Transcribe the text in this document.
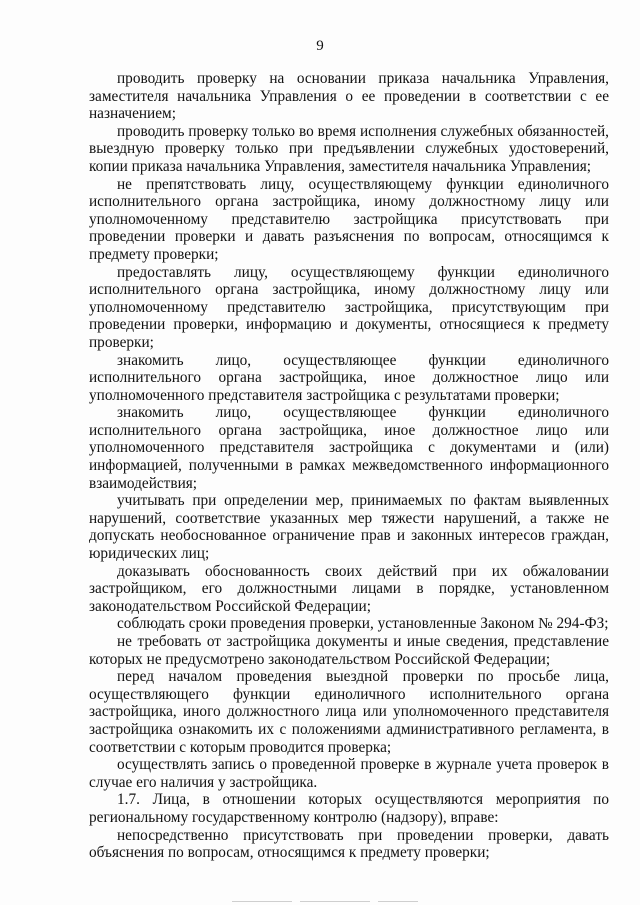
9

проводить проверку на основании приказа начальника Управления, заместителя начальника Управления о ее проведении в соответствии с ее назначением;

проводить проверку только во время исполнения служебных обязанностей, выездную проверку только при предъявлении служебных удостоверений, копии приказа начальника Управления, заместителя начальника Управления;

не препятствовать лицу, осуществляющему функции единоличного исполнительного органа застройщика, иному должностному лицу или уполномоченному представителю застройщика присутствовать при проведении проверки и давать разъяснения по вопросам, относящимся к предмету проверки;

предоставлять лицу, осуществляющему функции единоличного исполнительного органа застройщика, иному должностному лицу или уполномоченному представителю застройщика, присутствующим при проведении проверки, информацию и документы, относящиеся к предмету проверки;

знакомить лицо, осуществляющее функции единоличного исполнительного органа застройщика, иное должностное лицо или уполномоченного представителя застройщика с результатами проверки;

знакомить лицо, осуществляющее функции единоличного исполнительного органа застройщика, иное должностное лицо или уполномоченного представителя застройщика с документами и (или) информацией, полученными в рамках межведомственного информационного взаимодействия;

учитывать при определении мер, принимаемых по фактам выявленных нарушений, соответствие указанных мер тяжести нарушений, а также не допускать необоснованное ограничение прав и законных интересов граждан, юридических лиц;

доказывать обоснованность своих действий при их обжаловании застройщиком, его должностными лицами в порядке, установленном законодательством Российской Федерации;

соблюдать сроки проведения проверки, установленные Законом № 294-ФЗ;

не требовать от застройщика документы и иные сведения, представление которых не предусмотрено законодательством Российской Федерации;

перед началом проведения выездной проверки по просьбе лица, осуществляющего функции единоличного исполнительного органа застройщика, иного должностного лица или уполномоченного представителя застройщика ознакомить их с положениями административного регламента, в соответствии с которым проводится проверка;

осуществлять запись о проведенной проверке в журнале учета проверок в случае его наличия у застройщика.

1.7. Лица, в отношении которых осуществляются мероприятия по региональному государственному контролю (надзору), вправе:

непосредственно присутствовать при проведении проверки, давать объяснения по вопросам, относящимся к предмету проверки;
